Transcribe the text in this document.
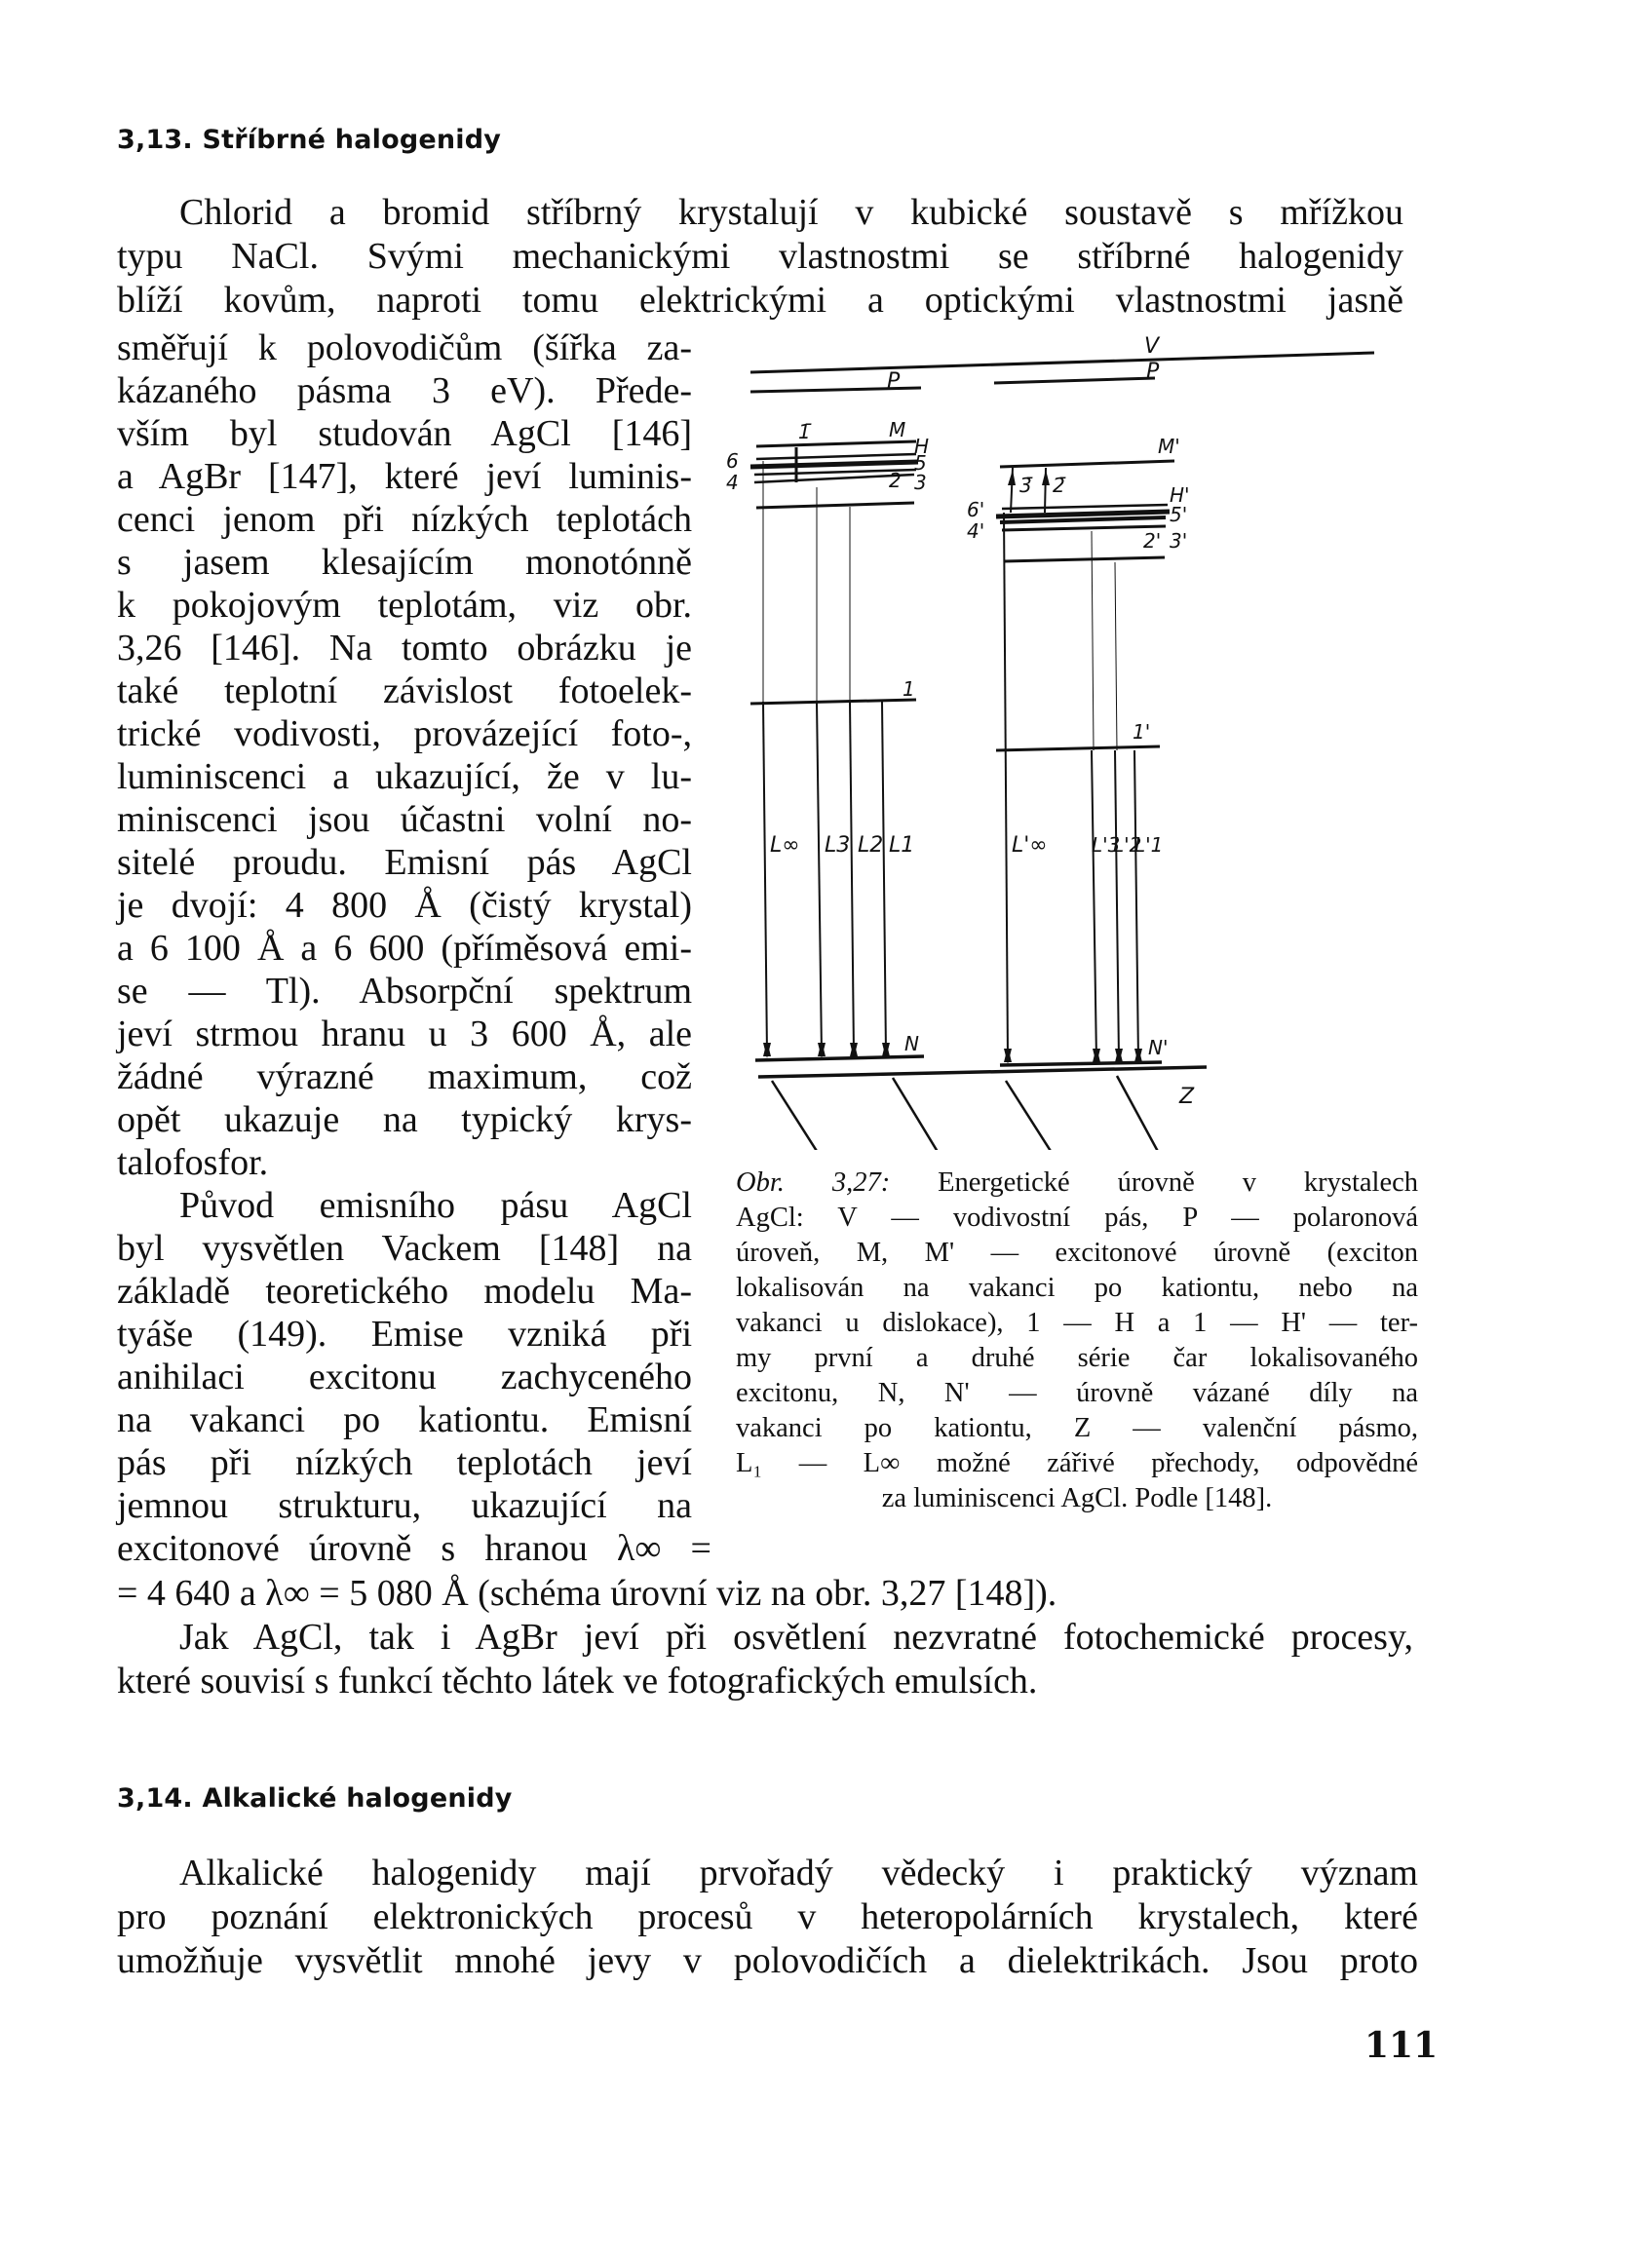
3,13. Stříbrné halogenidy
Chlorid a bromid stříbrný krystalují v kubické soustavě s mřížkou
typu NaCl. Svými mechanickými vlastnostmi se stříbrné halogenidy
blíží kovům, naproti tomu elektrickými a optickými vlastnostmi jasně
směřují k polovodičům (šířka za-
kázaného pásma 3 eV). Přede-
vším byl studován AgCl [146]
a AgBr [147], které jeví luminis-
cenci jenom při nízkých teplotách
s jasem klesajícím monotónně
k pokojovým teplotám, viz obr.
3,26 [146]. Na tomto obrázku je
také teplotní závislost fotoelek-
trické vodivosti, provázející foto-,
luminiscenci a ukazující, že v lu-
miniscenci jsou účastni volní no-
sitelé proudu. Emisní pás AgCl
je dvojí: 4 800 Å (čistý krystal)
a 6 100 Å a 6 600 (příměsová emi-
se — Tl). Absorpční spektrum
jeví strmou hranu u 3 600 Å, ale
žádné výrazné maximum, což
opět ukazuje na typický krys-
talofosfor.
Původ emisního pásu AgCl
byl vysvětlen Vackem [148] na
základě teoretického modelu Ma-
tyáše (149). Emise vzniká při
anihilaci excitonu zachyceného
na vakanci po kationtu. Emisní
pás při nízkých teplotách jeví
jemnou strukturu, ukazující na
excitonové úrovně s hranou λ∞ =
= 4 640 a λ∞ = 5 080 Å (schéma úrovní viz na obr. 3,27 [148]).
Jak AgCl, tak i AgBr jeví při osvětlení nezvratné fotochemické procesy,
které souvisí s funkcí těchto látek ve fotografických emulsích.
V
P
P
M
M'
H
5
3
2
1̄
6
4	3̄ 2̄	H'
5'
3'
2'
6'
4'
1
1'
L∞ L3 L2 L1	L'∞ L'3
L'2
L'1
N	N'
Z
Obr. 3,27: Energetické úrovně v krystalech
AgCl: V — vodivostní pás, P — polaronová
úroveň, M, M' — excitonové úrovně (exciton
lokalisován na vakanci po kationtu, nebo na
vakanci u dislokace), 1 — H a 1 — H' — ter-
my první a druhé série čar lokalisovaného
excitonu, N, N' — úrovně vázané díly na
vakanci po kationtu, Z — valenční pásmo,
L₁ — L∞ možné zářivé přechody, odpovědné
za luminiscenci AgCl. Podle [148].
3,14. Alkalické halogenidy
Alkalické halogenidy mají prvořadý vědecký i praktický význam
pro poznání elektronických procesů v heteropolárních krystalech, které
umožňuje vysvětlit mnohé jevy v polovodičích a dielektrikách. Jsou proto
111
